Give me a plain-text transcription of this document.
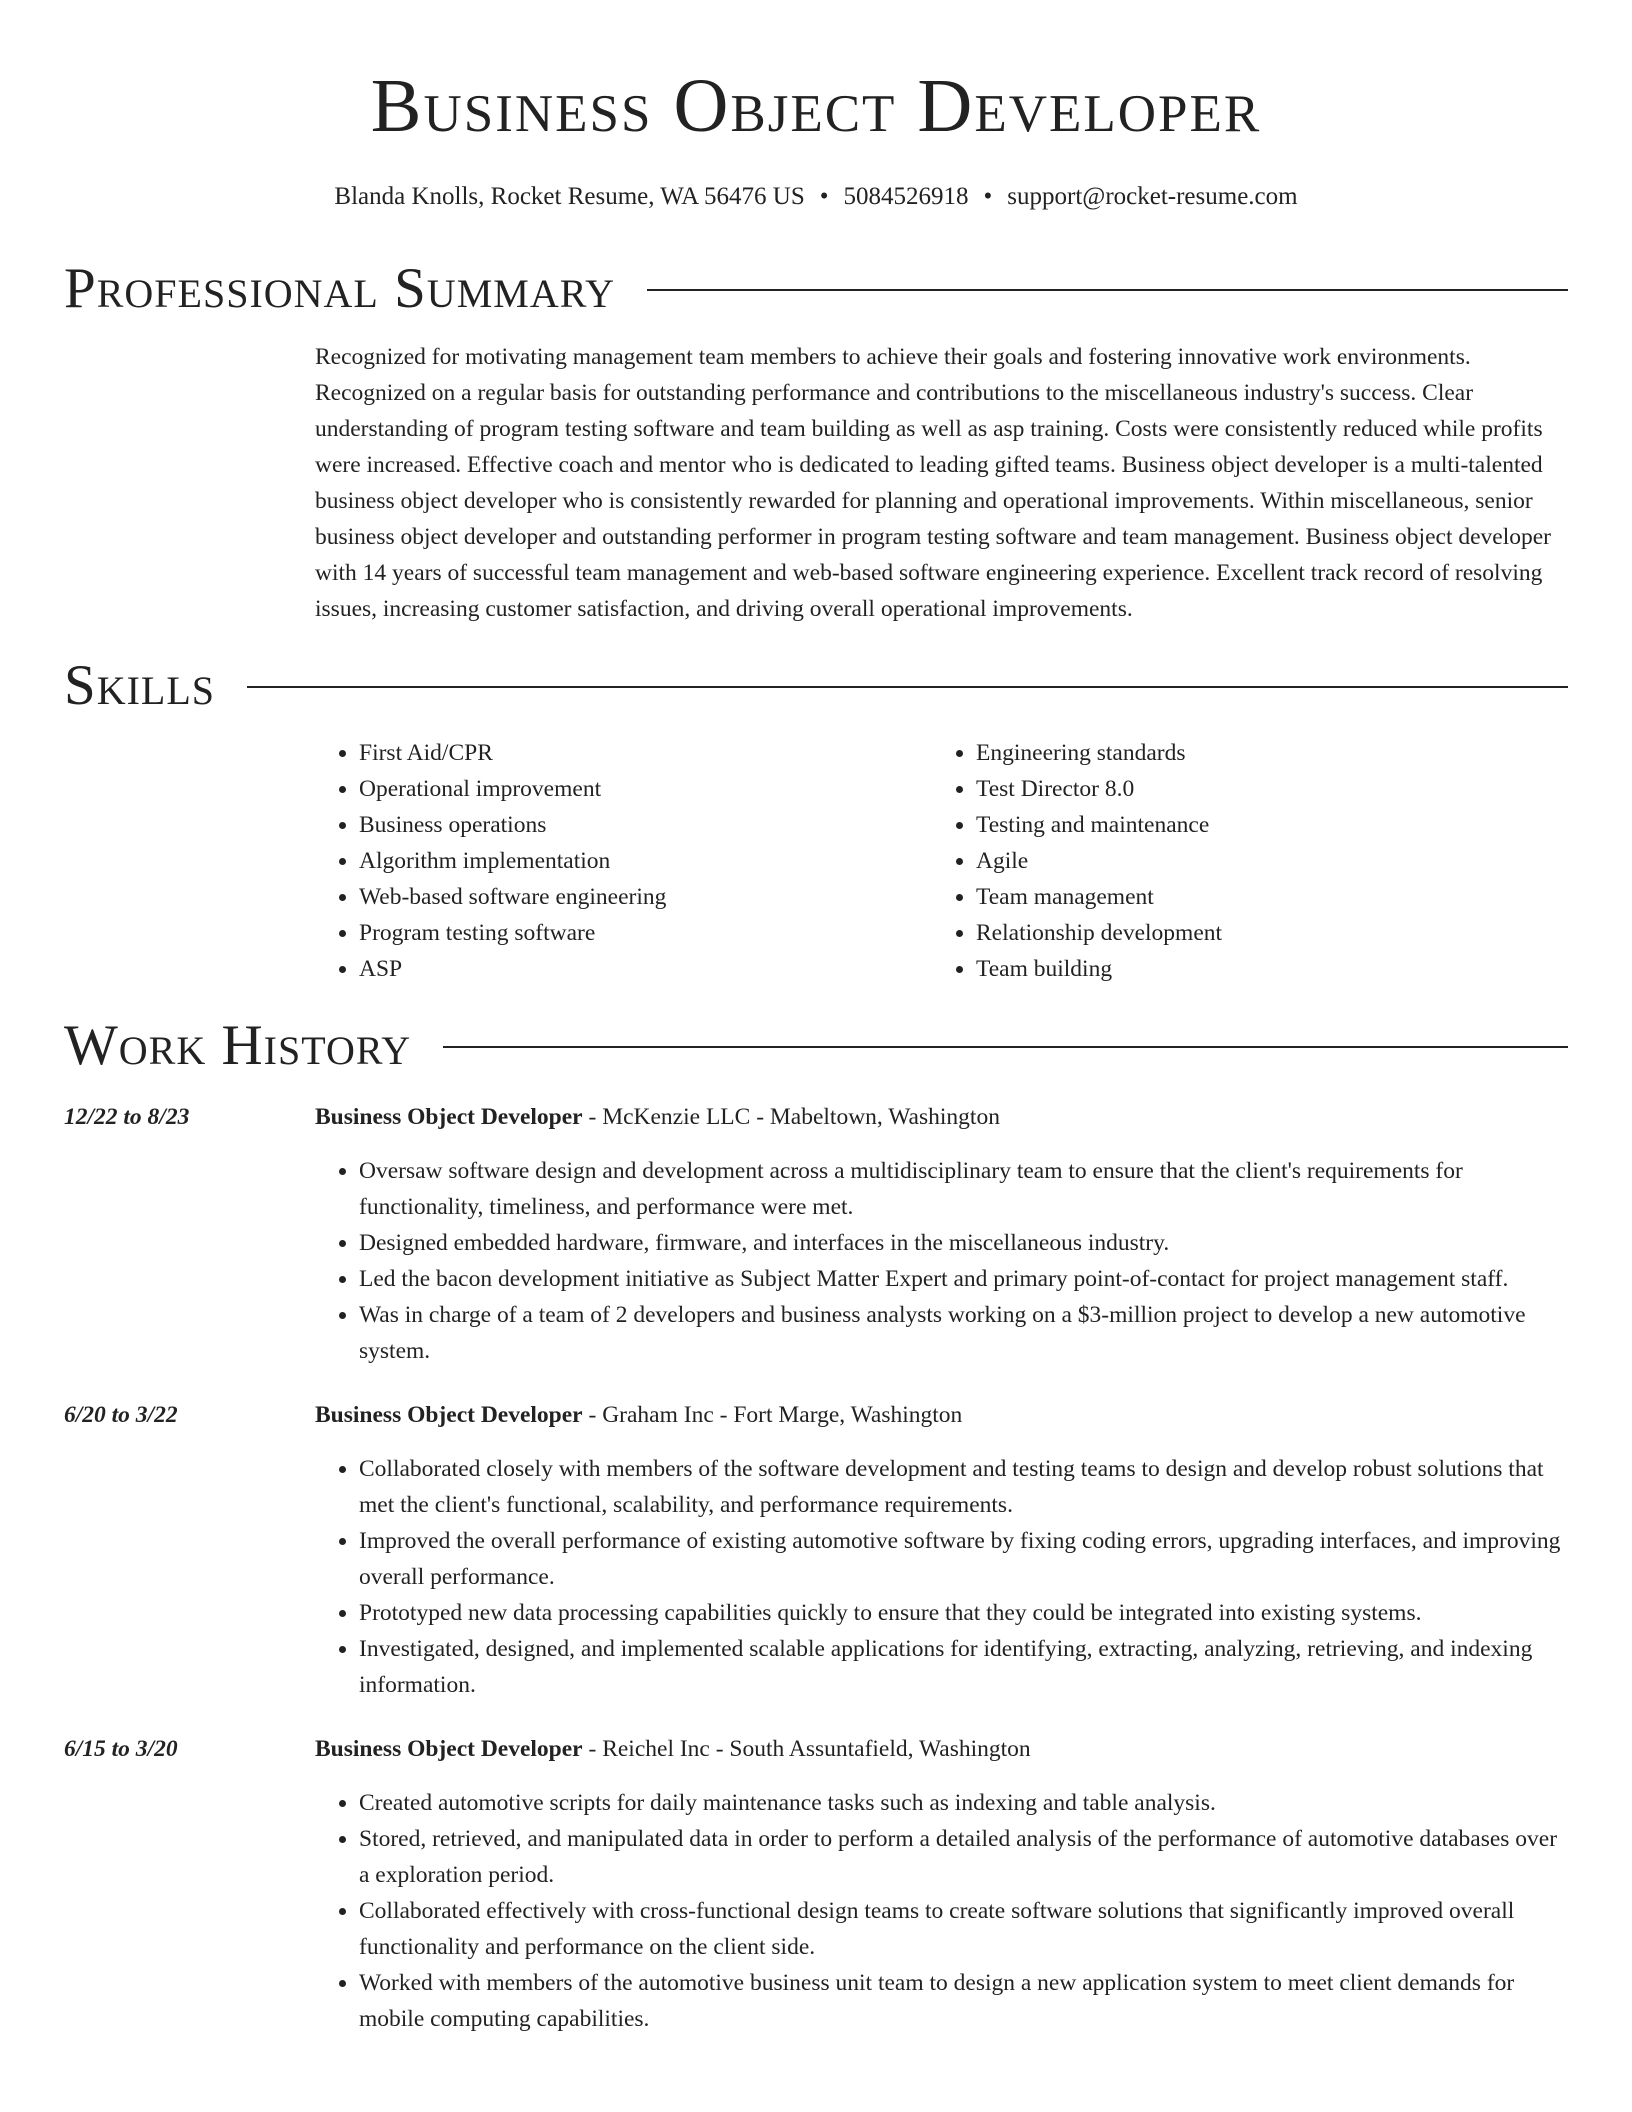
Business Object Developer
Blanda Knolls, Rocket Resume, WA 56476 US • 5084526918 • support@rocket-resume.com
Professional Summary
Recognized for motivating management team members to achieve their goals and fostering innovative work environments. Recognized on a regular basis for outstanding performance and contributions to the miscellaneous industry's success. Clear understanding of program testing software and team building as well as asp training. Costs were consistently reduced while profits were increased. Effective coach and mentor who is dedicated to leading gifted teams. Business object developer is a multi-talented business object developer who is consistently rewarded for planning and operational improvements. Within miscellaneous, senior business object developer and outstanding performer in program testing software and team management. Business object developer with 14 years of successful team management and web-based software engineering experience. Excellent track record of resolving issues, increasing customer satisfaction, and driving overall operational improvements.
Skills
• First Aid/CPR
• Operational improvement
• Business operations
• Algorithm implementation
• Web-based software engineering
• Program testing software
• ASP
• Engineering standards
• Test Director 8.0
• Testing and maintenance
• Agile
• Team management
• Relationship development
• Team building
Work History
12/22 to 8/23	Business Object Developer - McKenzie LLC - Mabeltown, Washington
• Oversaw software design and development across a multidisciplinary team to ensure that the client's requirements for functionality, timeliness, and performance were met.
• Designed embedded hardware, firmware, and interfaces in the miscellaneous industry.
• Led the bacon development initiative as Subject Matter Expert and primary point-of-contact for project management staff.
• Was in charge of a team of 2 developers and business analysts working on a $3-million project to develop a new automotive system.
6/20 to 3/22	Business Object Developer - Graham Inc - Fort Marge, Washington
• Collaborated closely with members of the software development and testing teams to design and develop robust solutions that met the client's functional, scalability, and performance requirements.
• Improved the overall performance of existing automotive software by fixing coding errors, upgrading interfaces, and improving overall performance.
• Prototyped new data processing capabilities quickly to ensure that they could be integrated into existing systems.
• Investigated, designed, and implemented scalable applications for identifying, extracting, analyzing, retrieving, and indexing information.
6/15 to 3/20	Business Object Developer - Reichel Inc - South Assuntafield, Washington
• Created automotive scripts for daily maintenance tasks such as indexing and table analysis.
• Stored, retrieved, and manipulated data in order to perform a detailed analysis of the performance of automotive databases over a exploration period.
• Collaborated effectively with cross-functional design teams to create software solutions that significantly improved overall functionality and performance on the client side.
• Worked with members of the automotive business unit team to design a new application system to meet client demands for mobile computing capabilities.
